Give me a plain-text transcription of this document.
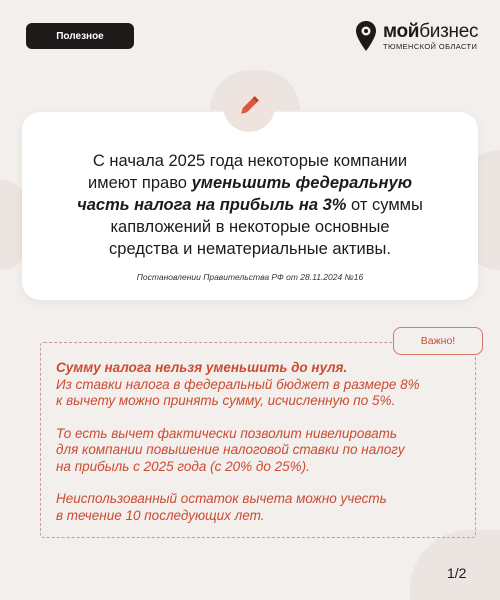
Полезное	мойбизнес
ТЮМЕНСКОЙ ОБЛАСТИ
С начала 2025 года некоторые компании
имеют право уменьшить федеральную
часть налога на прибыль на 3% от суммы
капвложений в некоторые основные
средства и нематериальные активы.
Постановлении Правительства РФ от 28.11.2024 №16
Важно!

Сумму налога нельзя уменьшить до нуля.
Из ставки налога в федеральный бюджет в размере 8%
к вычету можно принять сумму, исчисленную по 5%.

То есть вычет фактически позволит нивелировать
для компании повышение налоговой ставки по налогу
на прибыль с 2025 года (с 20% до 25%).

Неиспользованный остаток вычета можно учесть
в течение 10 последующих лет.

1/2
